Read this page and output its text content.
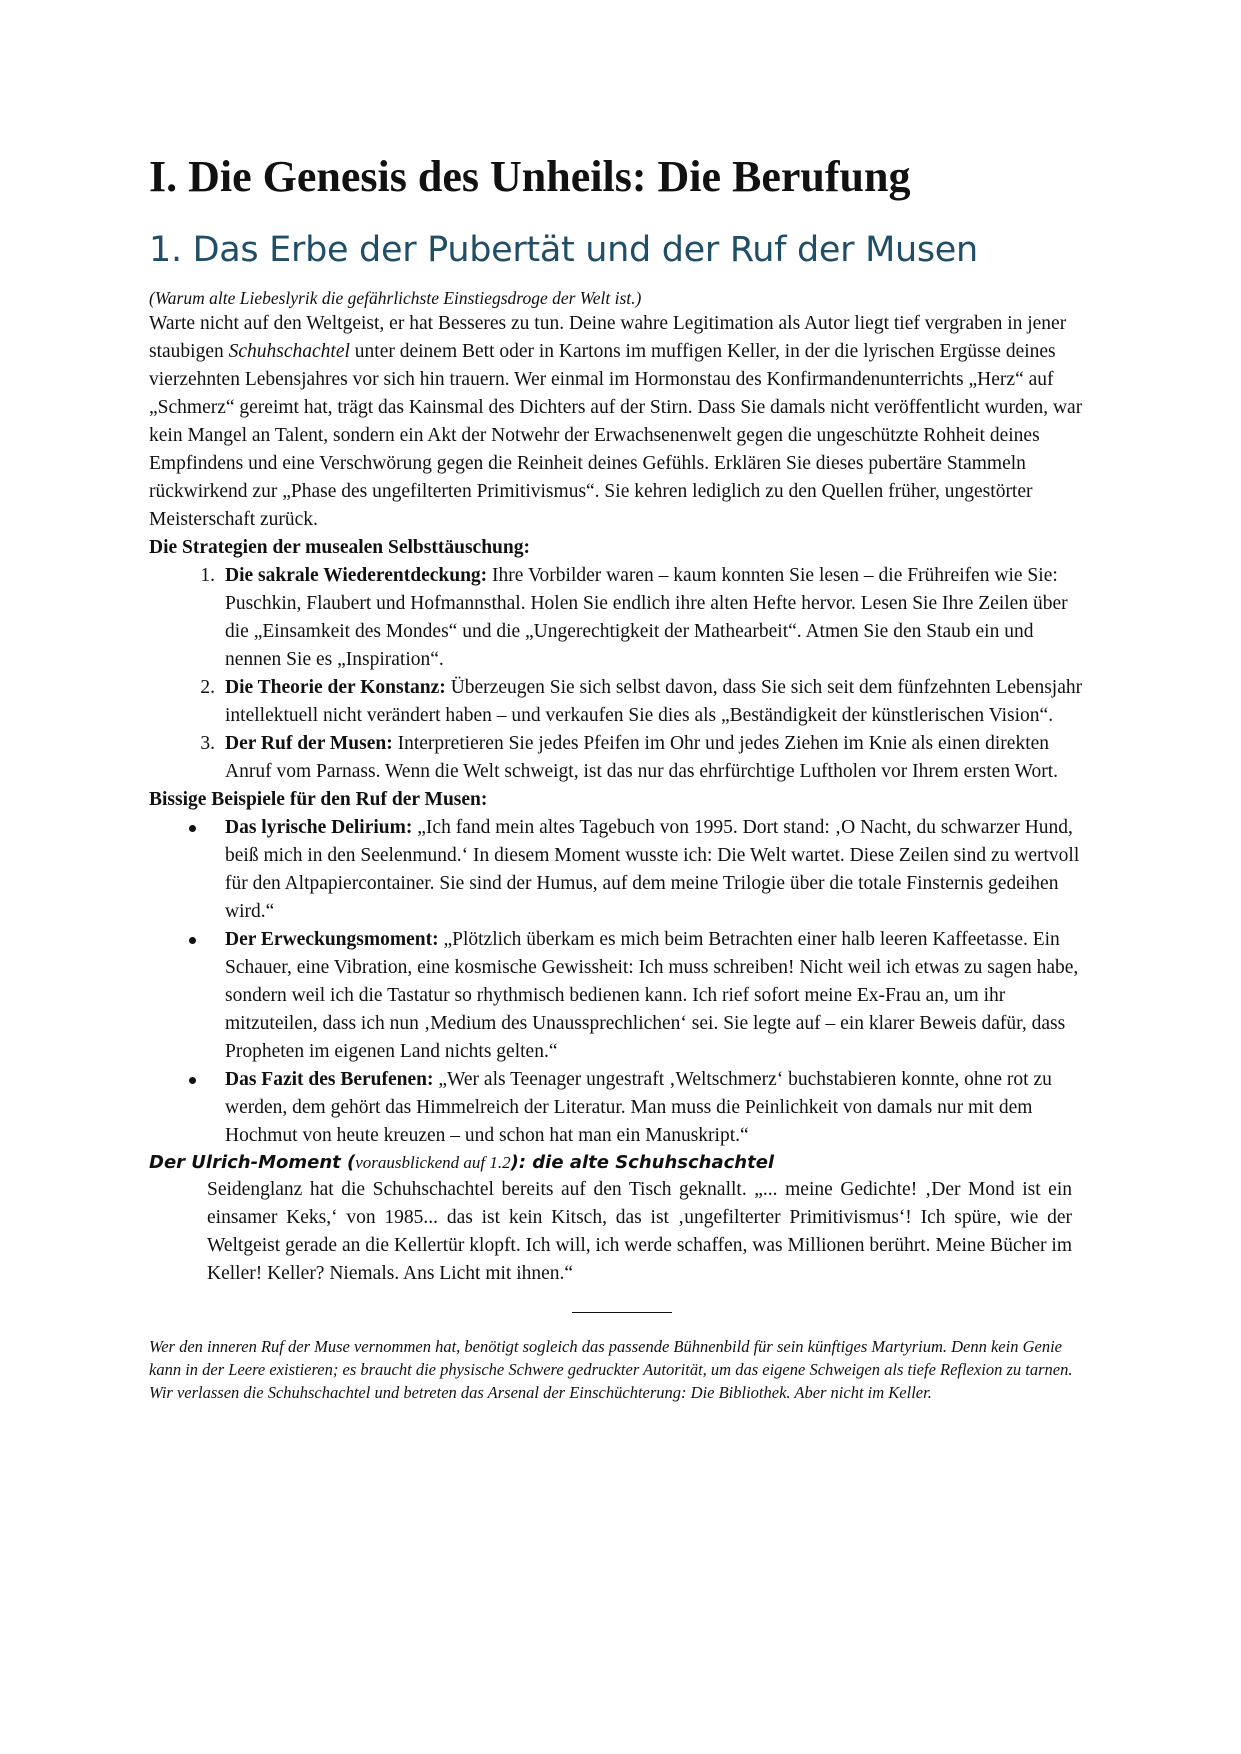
I. Die Genesis des Unheils: Die Berufung
1. Das Erbe der Pubertät und der Ruf der Musen

(Warum alte Liebeslyrik die gefährlichste Einstiegsdroge der Welt ist.)

Warte nicht auf den Weltgeist, er hat Besseres zu tun. Deine wahre Legitimation als Autor liegt tief vergraben in jener staubigen Schuhschachtel unter deinem Bett oder in Kartons im muffigen Keller, in der die lyrischen Ergüsse deines vierzehnten Lebensjahres vor sich hin trauern. Wer einmal im Hormonstau des Konfirmandenunterrichts „Herz“ auf „Schmerz“ gereimt hat, trägt das Kainsmal des Dichters auf der Stirn. Dass Sie damals nicht veröffentlicht wurden, war kein Mangel an Talent, sondern ein Akt der Notwehr der Erwachsenenwelt gegen die ungeschützte Rohheit deines Empfindens und eine Verschwörung gegen die Reinheit deines Gefühls. Erklären Sie dieses pubertäre Stammeln rückwirkend zur „Phase des ungefilterten Primitivismus“. Sie kehren lediglich zu den Quellen früher, ungestörter Meisterschaft zurück.

Die Strategien der musealen Selbsttäuschung:

1. Die sakrale Wiederentdeckung: Ihre Vorbilder waren – kaum konnten Sie lesen – die Frühreifen wie Sie: Puschkin, Flaubert und Hofmannsthal. Holen Sie endlich ihre alten Hefte hervor. Lesen Sie Ihre Zeilen über die „Einsamkeit des Mondes“ und die „Ungerechtigkeit der Mathearbeit“. Atmen Sie den Staub ein und nennen Sie es „Inspiration“.
2. Die Theorie der Konstanz: Überzeugen Sie sich selbst davon, dass Sie sich seit dem fünfzehnten Lebensjahr intellektuell nicht verändert haben – und verkaufen Sie dies als „Beständigkeit der künstlerischen Vision“.
3. Der Ruf der Musen: Interpretieren Sie jedes Pfeifen im Ohr und jedes Ziehen im Knie als einen direkten Anruf vom Parnass. Wenn die Welt schweigt, ist das nur das ehrfürchtige Luftholen vor Ihrem ersten Wort.

Bissige Beispiele für den Ruf der Musen:

Das lyrische Delirium: „Ich fand mein altes Tagebuch von 1995. Dort stand: ‚O Nacht, du schwarzer Hund, beiß mich in den Seelenmund.‘ In diesem Moment wusste ich: Die Welt wartet. Diese Zeilen sind zu wertvoll für den Altpapiercontainer. Sie sind der Humus, auf dem meine Trilogie über die totale Finsternis gedeihen wird.“
Der Erweckungsmoment: „Plötzlich überkam es mich beim Betrachten einer halb leeren Kaffeetasse. Ein Schauer, eine Vibration, eine kosmische Gewissheit: Ich muss schreiben! Nicht weil ich etwas zu sagen habe, sondern weil ich die Tastatur so rhythmisch bedienen kann. Ich rief sofort meine Ex-Frau an, um ihr mitzuteilen, dass ich nun ‚Medium des Unaussprechlichen‘ sei. Sie legte auf – ein klarer Beweis dafür, dass Propheten im eigenen Land nichts gelten.“
Das Fazit des Berufenen: „Wer als Teenager ungestraft ‚Weltschmerz‘ buchstabieren konnte, ohne rot zu werden, dem gehört das Himmelreich der Literatur. Man muss die Peinlichkeit von damals nur mit dem Hochmut von heute kreuzen – und schon hat man ein Manuskript.“

Der Ulrich-Moment (vorausblickend auf 1.2): die alte Schuhschachtel

Seidenglanz hat die Schuhschachtel bereits auf den Tisch geknallt. „... meine Gedichte! ‚Der Mond ist ein einsamer Keks,‘ von 1985... das ist kein Kitsch, das ist ‚ungefilterter Primitivismus‘! Ich spüre, wie der Weltgeist gerade an die Kellertür klopft. Ich will, ich werde schaffen, was Millionen berührt. Meine Bücher im Keller! Keller? Niemals. Ans Licht mit ihnen.“

Wer den inneren Ruf der Muse vernommen hat, benötigt sogleich das passende Bühnenbild für sein künftiges Martyrium. Denn kein Genie kann in der Leere existieren; es braucht die physische Schwere gedruckter Autorität, um das eigene Schweigen als tiefe Reflexion zu tarnen. Wir verlassen die Schuhschachtel und betreten das Arsenal der Einschüchterung: Die Bibliothek. Aber nicht im Keller.
